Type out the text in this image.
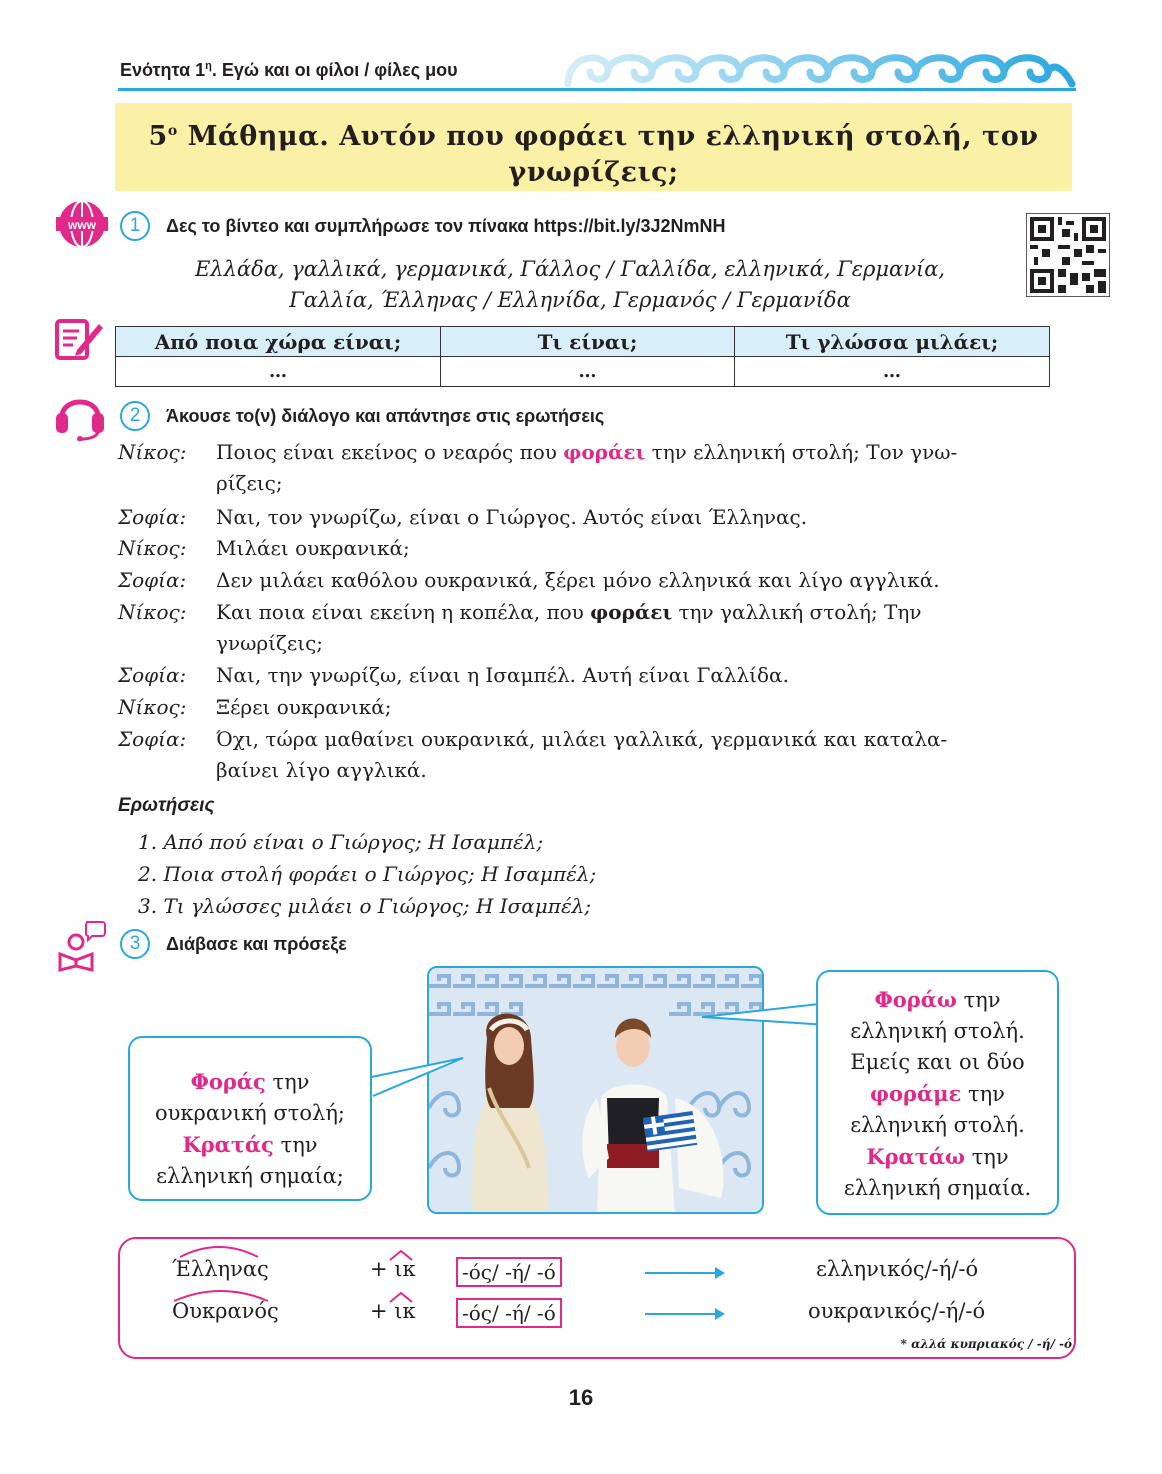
Ενότητα $1^\eta$. Εγώ και οι φίλοι / φίλες μου
$5^o$ Μάθημα. Αυτόν που φοράει την ελληνική στολή, τον
γνωρίζεις;
www	1	Δες το βίντεο και συμπλήρωσε τον πίνακα https://bit.ly/3J2NmNH
Ελλάδα, γαλλικά, γερμανικά, Γάλλος / Γαλλίδα, ελληνικά, Γερμανία,
Γαλλία, Έλληνας / Ελληνίδα, Γερμανός / Γερμανίδα
Από ποια χώρα είναι;	Τι είναι;	Τι γλώσσα μιλάει;
…	…	…
2	Άκουσε το(ν) διάλογο και απάντησε στις ερωτήσεις
Νίκος: Ποιος είναι εκείνος ο νεαρός που φοράει την ελληνική στολή; Τον γνω-
ρίζεις;
Σοφία: Ναι, τον γνωρίζω, είναι ο Γιώργος. Αυτός είναι Έλληνας.
Νίκος: Μιλάει ουκρανικά;
Σοφία: Δεν μιλάει καθόλου ουκρανικά, ξέρει μόνο ελληνικά και λίγο αγγλικά.
Νίκος: Και ποια είναι εκείνη η κοπέλα, που φοράει την γαλλική στολή; Την
γνωρίζεις;
Σοφία: Ναι, την γνωρίζω, είναι η Ισαμπέλ. Αυτή είναι Γαλλίδα.
Νίκος: Ξέρει ουκρανικά;
Σοφία: Όχι, τώρα μαθαίνει ουκρανικά, μιλάει γαλλικά, γερμανικά και καταλα-
βαίνει λίγο αγγλικά.
Ερωτήσεις
1. Από πού είναι ο Γιώργος; Η Ισαμπέλ;
2. Ποια στολή φοράει ο Γιώργος; Η Ισαμπέλ;
3. Τι γλώσσες μιλάει ο Γιώργος; Η Ισαμπέλ;
3	Διάβασε και πρόσεξε
Φοράς την
ουκρανική στολή;
Κρατάς την
ελληνική σημαία;
Φοράω την
ελληνική στολή.
Εμείς και οι δύο
φοράμε την
ελληνική στολή.
Κρατάω την
ελληνική σημαία.
Έλληνας	+ ικ	-ός/ -ή/ -ό	ελληνικός/-ή/-ό
Ουκρανός	+ ικ	-ός/ -ή/ -ό	ουκρανικός/-ή/-ό
* αλλά κυπριακός / -ή/ -ό
16
